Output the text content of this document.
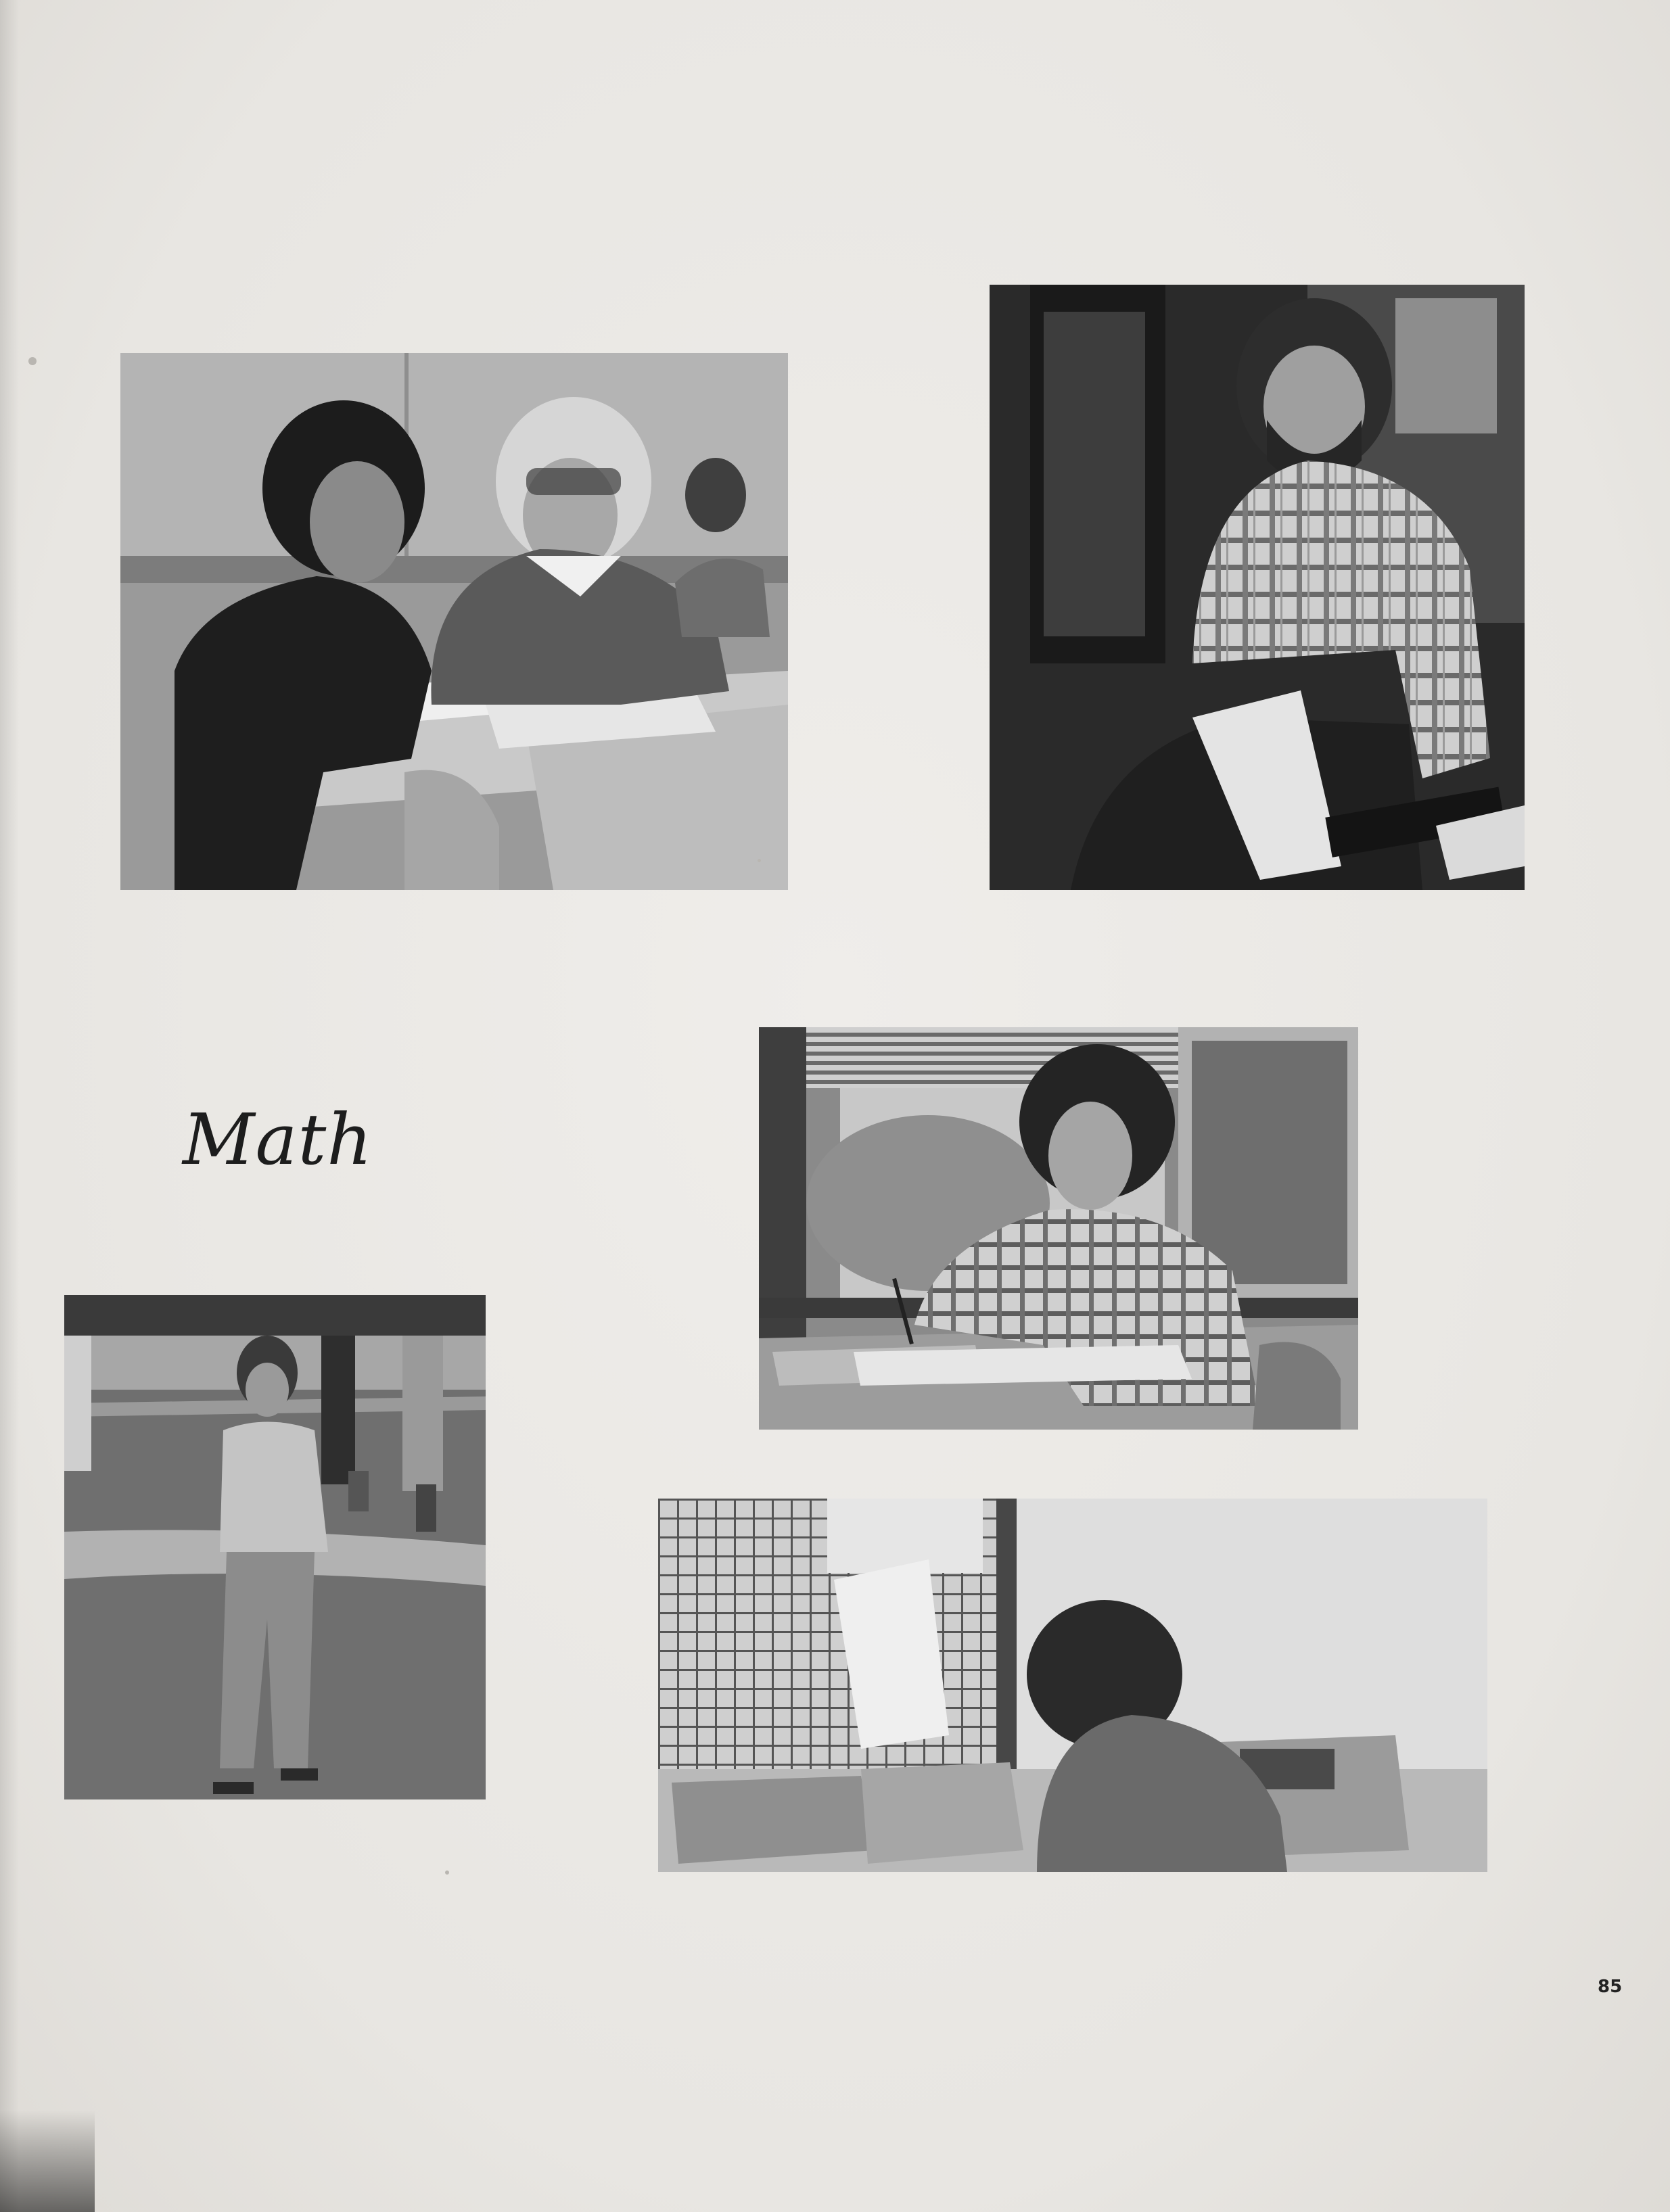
Math
85
